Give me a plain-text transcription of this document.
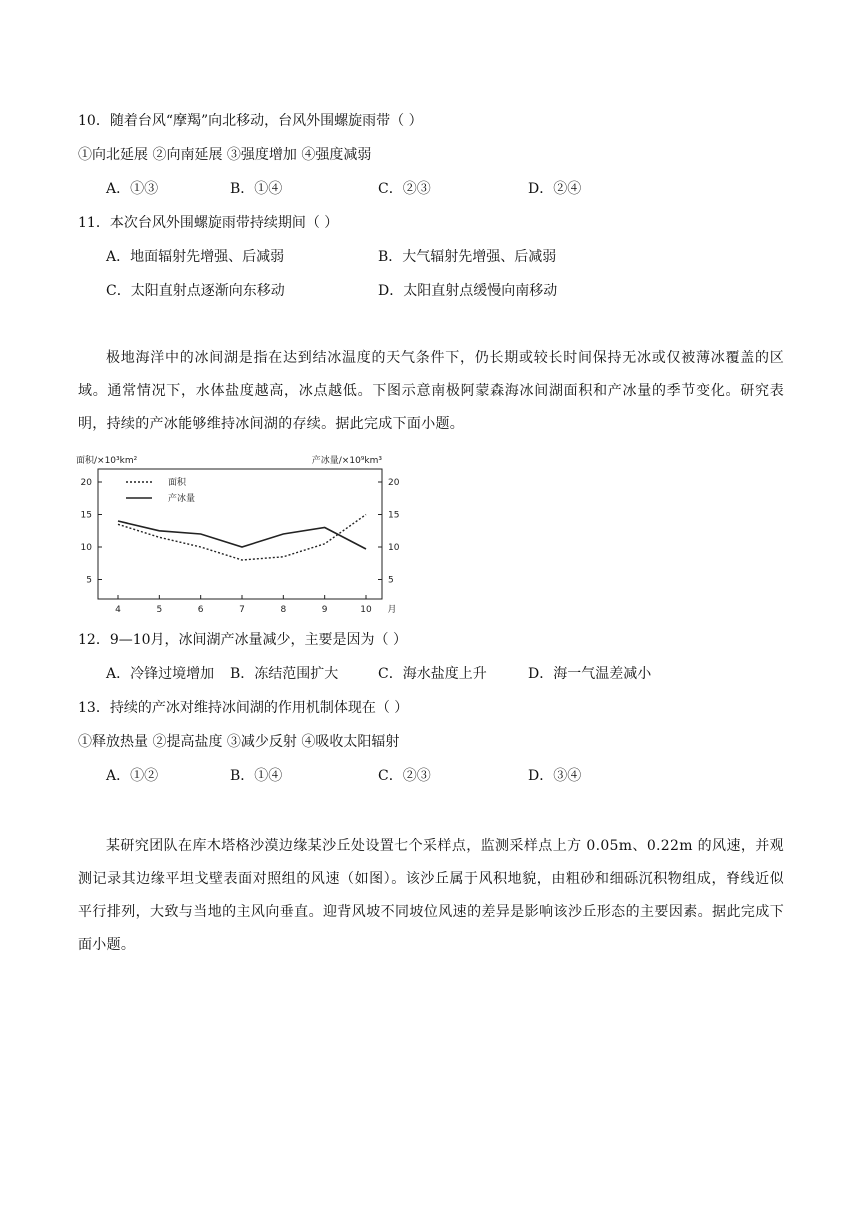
10．随着台风“摩羯”向北移动，台风外围螺旋雨带（ ）
①向北延展 ②向南延展 ③强度增加 ④强度减弱
A．①③	B．①④	C．②③	D．②④
11．本次台风外围螺旋雨带持续期间（ ）
A．地面辐射先增强、后减弱	B．大气辐射先增强、后减弱
C．太阳直射点逐渐向东移动	D．太阳直射点缓慢向南移动

极地海洋中的冰间湖是指在达到结冰温度的天气条件下，仍长期或较长时间保持无冰或仅被薄冰覆盖的区域。通常情况下，水体盐度越高，冰点越低。下图示意南极阿蒙森海冰间湖面积和产冰量的季节变化。研究表明，持续的产冰能够维持冰间湖的存续。据此完成下面小题。

面积/×10³km²	产冰量/×10⁹km³
5	5
10	10
15	15
20	20
4	5	6	7	8	9	10 月
面积
产冰量
12．9—10月，冰间湖产冰量减少，主要是因为（ ）
A．冷锋过境增加 B．冻结范围扩大	C．海水盐度上升	D．海一气温差减小
13．持续的产冰对维持冰间湖的作用机制体现在（ ）
①释放热量 ②提高盐度 ③减少反射 ④吸收太阳辐射
A．①②	B．①④	C．②③	D．③④

某研究团队在库木塔格沙漠边缘某沙丘处设置七个采样点，监测采样点上方 0.05m、0.22m 的风速，并观测记录其边缘平坦戈壁表面对照组的风速（如图）。该沙丘属于风积地貌，由粗砂和细砾沉积物组成，脊线近似平行排列，大致与当地的主风向垂直。迎背风坡不同坡位风速的差异是影响该沙丘形态的主要因素。据此完成下面小题。
